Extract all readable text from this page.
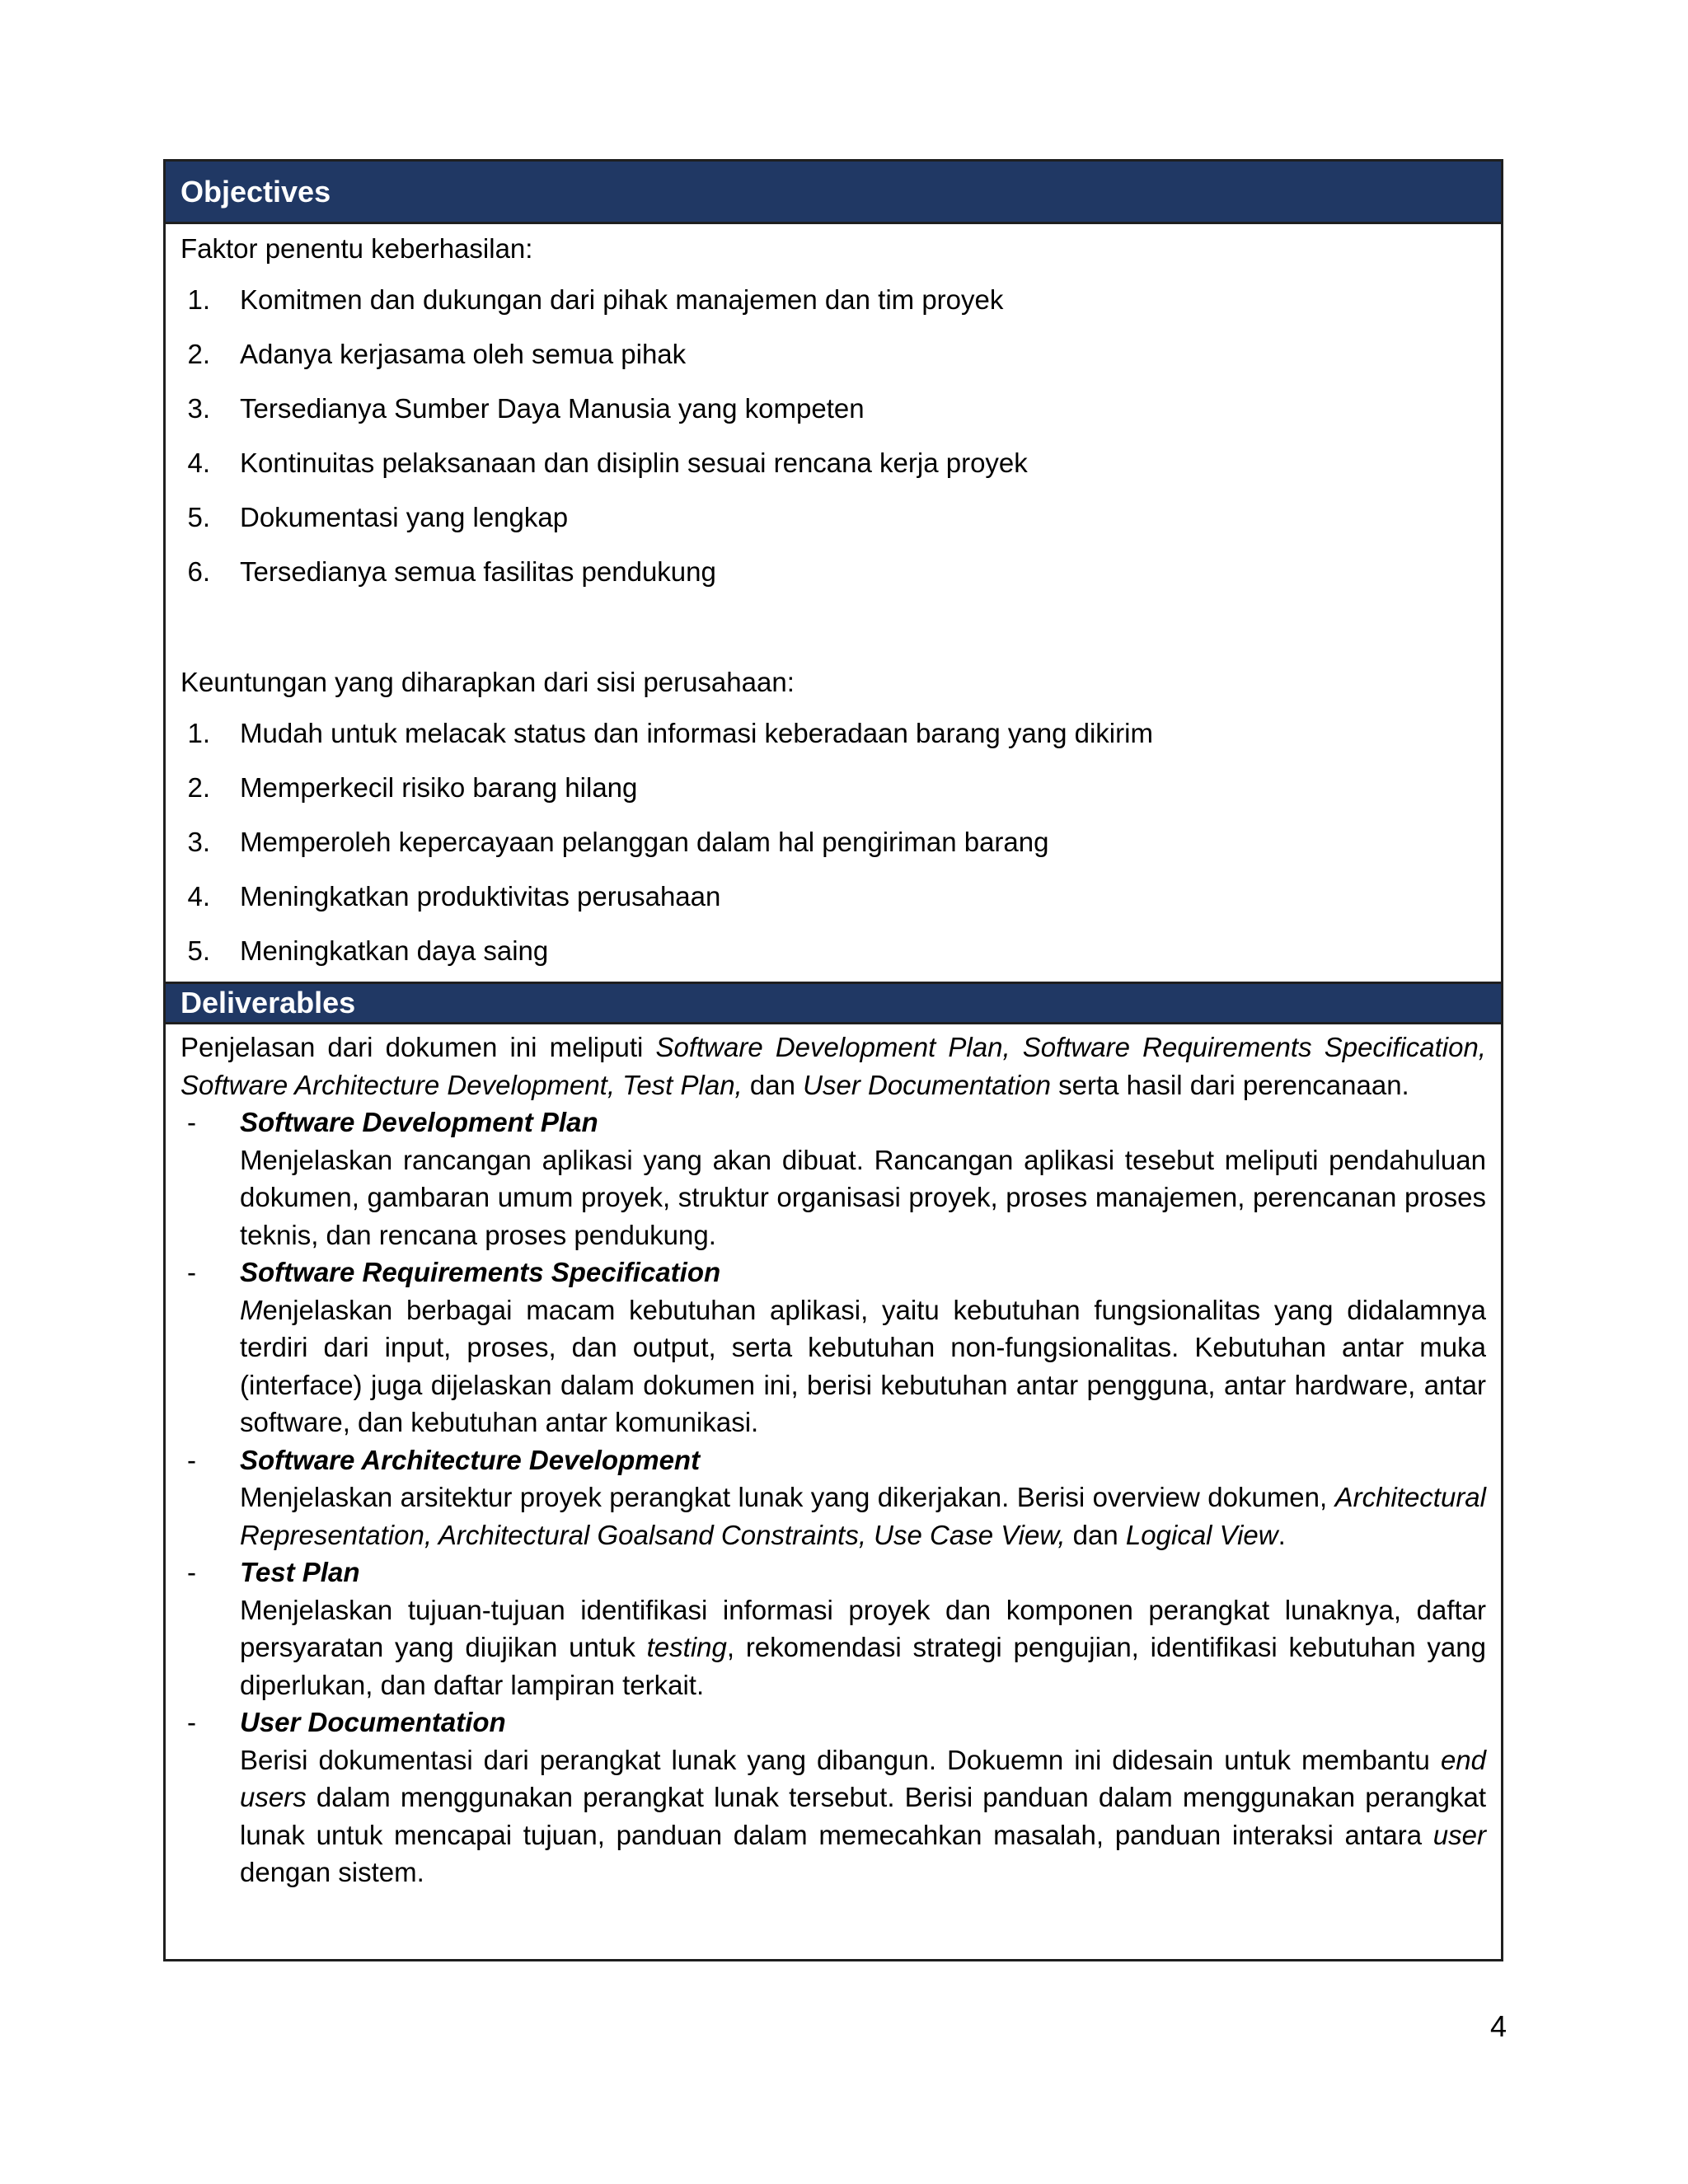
Objectives
Faktor penentu keberhasilan:
1.	Komitmen dan dukungan dari pihak manajemen dan tim proyek
2.	Adanya kerjasama oleh semua pihak
3.	Tersedianya Sumber Daya Manusia yang kompeten
4.	Kontinuitas pelaksanaan dan disiplin sesuai rencana kerja proyek
5.	Dokumentasi yang lengkap
6.	Tersedianya semua fasilitas pendukung
Keuntungan yang diharapkan dari sisi perusahaan:
1.	Mudah untuk melacak status dan informasi keberadaan barang yang dikirim
2.	Memperkecil risiko barang hilang
3.	Memperoleh kepercayaan pelanggan dalam hal pengiriman barang
4.	Meningkatkan produktivitas perusahaan
5.	Meningkatkan daya saing
Deliverables
Penjelasan dari dokumen ini meliputi Software Development Plan, Software Requirements Specification, Software Architecture Development, Test Plan, dan User Documentation serta hasil dari perencanaan.
-	Software Development Plan
Menjelaskan rancangan aplikasi yang akan dibuat. Rancangan aplikasi tesebut meliputi pendahuluan dokumen, gambaran umum proyek, struktur organisasi proyek, proses manajemen, perencanan proses teknis, dan rencana proses pendukung.
-	Software Requirements Specification
Menjelaskan berbagai macam kebutuhan aplikasi, yaitu kebutuhan fungsionalitas yang didalamnya terdiri dari input, proses, dan output, serta kebutuhan non-fungsionalitas. Kebutuhan antar muka (interface) juga dijelaskan dalam dokumen ini, berisi kebutuhan antar pengguna, antar hardware, antar software, dan kebutuhan antar komunikasi.
-	Software Architecture Development
Menjelaskan arsitektur proyek perangkat lunak yang dikerjakan. Berisi overview dokumen, Architectural Representation, Architectural Goalsand Constraints, Use Case View, dan Logical View.
-	Test Plan
Menjelaskan tujuan-tujuan identifikasi informasi proyek dan komponen perangkat lunaknya, daftar persyaratan yang diujikan untuk testing, rekomendasi strategi pengujian, identifikasi kebutuhan yang diperlukan, dan daftar lampiran terkait.
-	User Documentation
Berisi dokumentasi dari perangkat lunak yang dibangun. Dokuemn ini didesain untuk membantu end users dalam menggunakan perangkat lunak tersebut. Berisi panduan dalam menggunakan perangkat lunak untuk mencapai tujuan, panduan dalam memecahkan masalah, panduan interaksi antara user dengan sistem.
4
